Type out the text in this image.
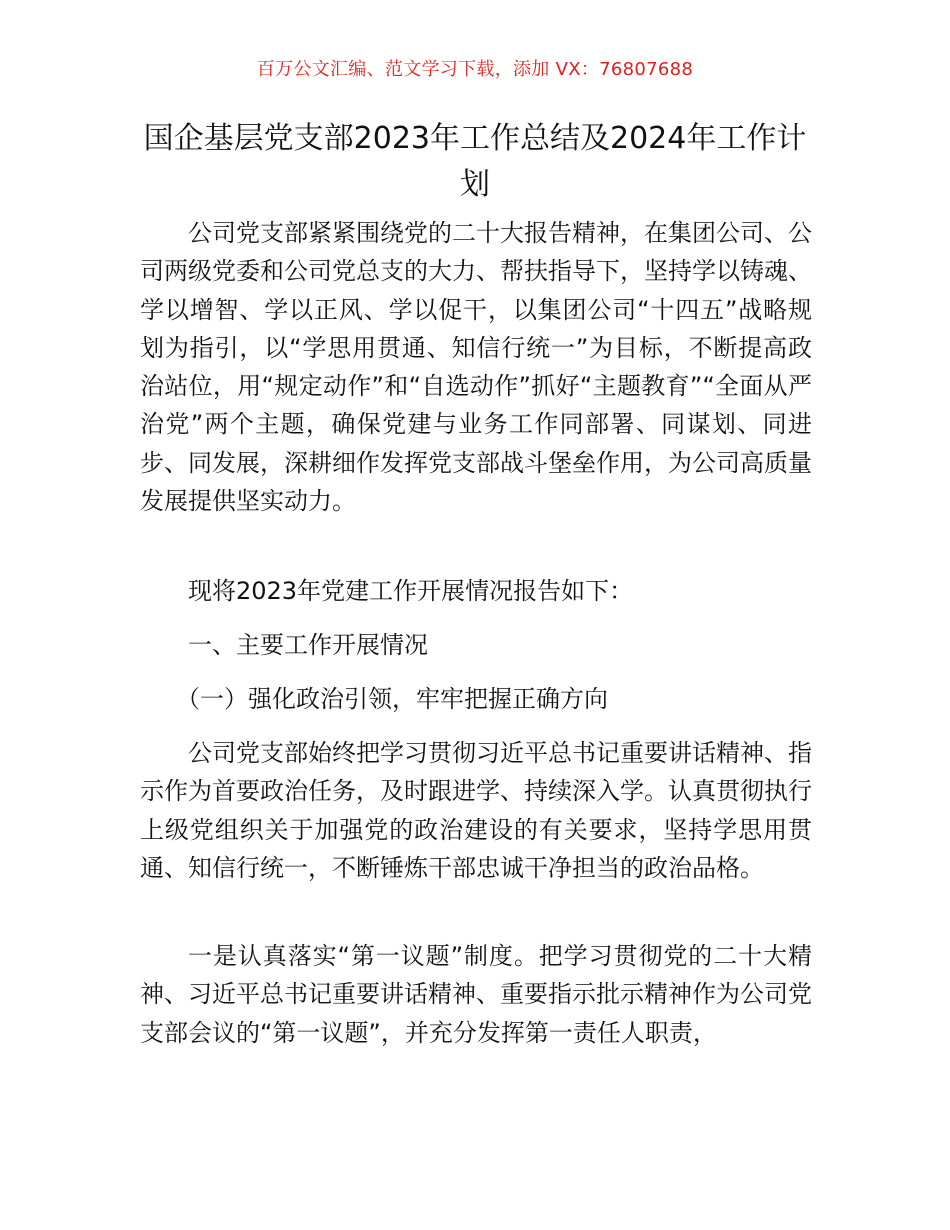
百万公文汇编、范文学习下载，添加 VX：76807688
国企基层党支部2023年工作总结及2024年工作计划

公司党支部紧紧围绕党的二十大报告精神，在集团公司、公司两级党委和公司党总支的大力、帮扶指导下，坚持学以铸魂、学以增智、学以正风、学以促干，以集团公司“十四五”战略规划为指引，以“学思用贯通、知信行统一”为目标，不断提高政治站位，用“规定动作”和“自选动作”抓好“主题教育”“全面从严治党”两个主题，确保党建与业务工作同部署、同谋划、同进步、同发展，深耕细作发挥党支部战斗堡垒作用，为公司高质量发展提供坚实动力。

现将2023年党建工作开展情况报告如下：

一、主要工作开展情况

（一）强化政治引领，牢牢把握正确方向

公司党支部始终把学习贯彻习近平总书记重要讲话精神、指示作为首要政治任务，及时跟进学、持续深入学。认真贯彻执行上级党组织关于加强党的政治建设的有关要求，坚持学思用贯通、知信行统一，不断锤炼干部忠诚干净担当的政治品格。

一是认真落实“第一议题”制度。把学习贯彻党的二十大精神、习近平总书记重要讲话精神、重要指示批示精神作为公司党支部会议的“第一议题”，并充分发挥第一责任人职责，
